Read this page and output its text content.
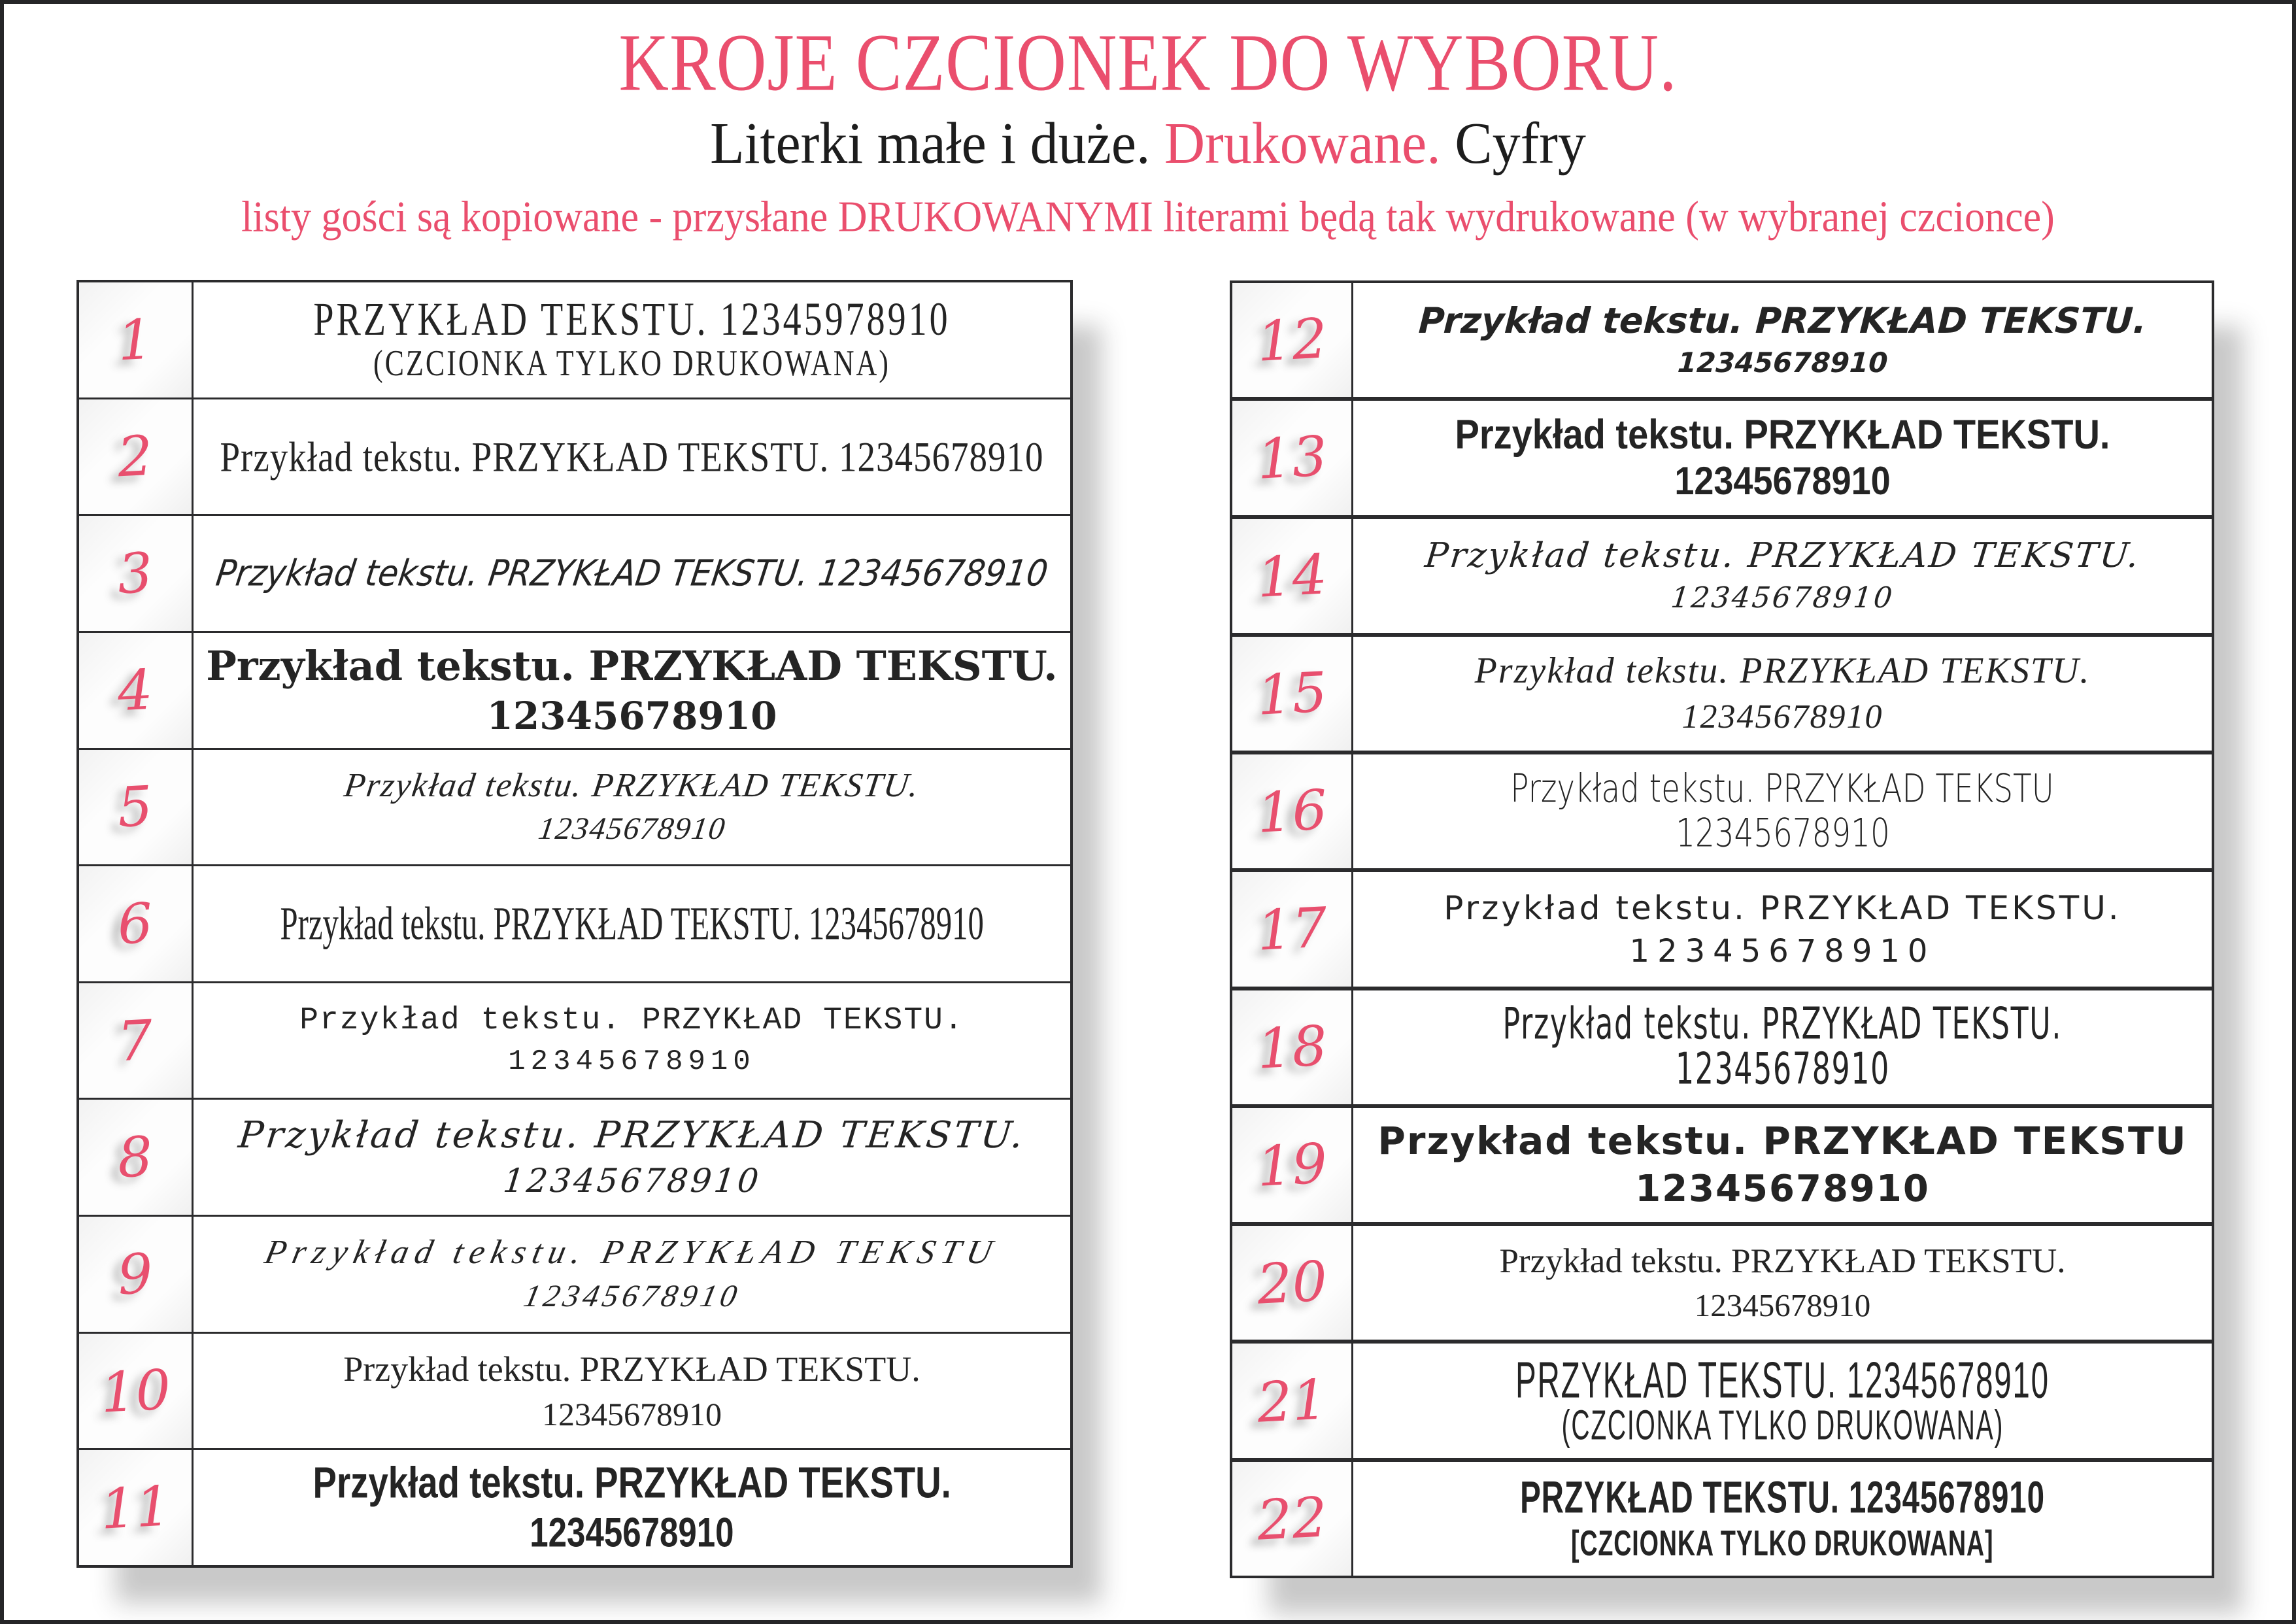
KROJE CZCIONEK DO WYBORU.
Literki małe i duże. Drukowane. Cyfry
listy gości są kopiowane - przysłane DRUKOWANYMI literami będą tak wydrukowane (w wybranej czcionce)
1	PRZYKŁAD TEKSTU. 12345978910
(CZCIONKA TYLKO DRUKOWANA)
2 Przykład tekstu. PRZYKŁAD TEKSTU. 12345678910
3 Przykład tekstu. PRZYKŁAD TEKSTU. 12345678910
4 Przykład tekstu. PRZYKŁAD TEKSTU.
12345678910
5	Przykład tekstu. PRZYKŁAD TEKSTU.
12345678910
6	Przykład tekstu. PRZYKŁAD TEKSTU. 12345678910
7	Przykład tekstu. PRZYKŁAD TEKSTU.
12345678910
8 Przykład tekstu. PRZYKŁAD TEKSTU.
12345678910
9	Przykład tekstu. PRZYKŁAD TEKSTU
12345678910
10	Przykład tekstu. PRZYKŁAD TEKSTU.
12345678910
11	Przykład tekstu. PRZYKŁAD TEKSTU.
12345678910
12	Przykład tekstu. PRZYKŁAD TEKSTU.
12345678910
13	Przykład tekstu. PRZYKŁAD TEKSTU.
12345678910
14	Przykład tekstu. PRZYKŁAD TEKSTU.
12345678910
15	Przykład tekstu. PRZYKŁAD TEKSTU.
12345678910
16	Przykład tekstu. PRZYKŁAD TEKSTU
12345678910
17	Przykład tekstu. PRZYKŁAD TEKSTU.
12345678910
18	Przykład tekstu. PRZYKŁAD TEKSTU.
12345678910
19 Przykład tekstu. PRZYKŁAD TEKSTU
12345678910
20	Przykład tekstu. PRZYKŁAD TEKSTU.
12345678910
21	PRZYKŁAD TEKSTU. 12345678910
(CZCIONKA TYLKO DRUKOWANA)
22	PRZYKŁAD TEKSTU. 12345678910
[CZCIONKA TYLKO DRUKOWANA]
